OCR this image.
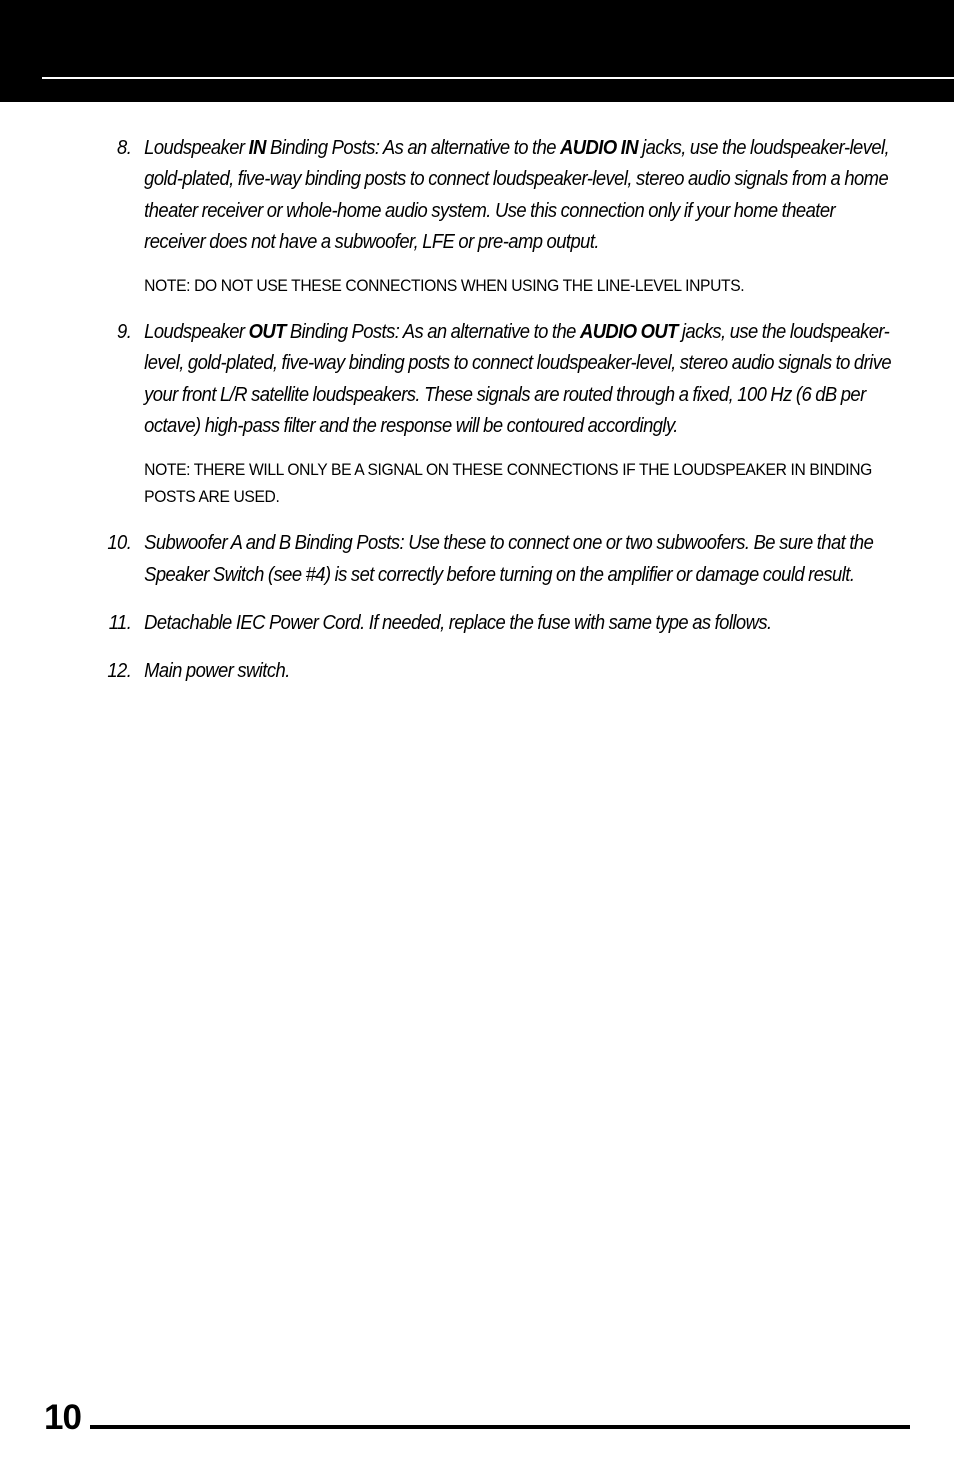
8. Loudspeaker IN Binding Posts: As an alternative to the AUDIO IN jacks, use the loudspeaker-level, gold-plated, five-way binding posts to connect loudspeaker-level, stereo audio signals from a home theater receiver or whole-home audio system. Use this connection only if your home theater receiver does not have a subwoofer, LFE or pre-amp output.
NOTE: DO NOT USE THESE CONNECTIONS WHEN USING THE LINE-LEVEL INPUTS.
9. Loudspeaker OUT Binding Posts: As an alternative to the AUDIO OUT jacks, use the loudspeaker-level, gold-plated, five-way binding posts to connect loudspeaker-level, stereo audio signals to drive your front L/R satellite loudspeakers. These signals are routed through a fixed, 100 Hz (6 dB per octave) high-pass filter and the response will be contoured accordingly.
NOTE: THERE WILL ONLY BE A SIGNAL ON THESE CONNECTIONS IF THE LOUDSPEAKER IN BINDING POSTS ARE USED.
10. Subwoofer A and B Binding Posts: Use these to connect one or two subwoofers. Be sure that the Speaker Switch (see #4) is set correctly before turning on the amplifier or damage could result.
11. Detachable IEC Power Cord. If needed, replace the fuse with same type as follows.
12. Main power switch.
10
